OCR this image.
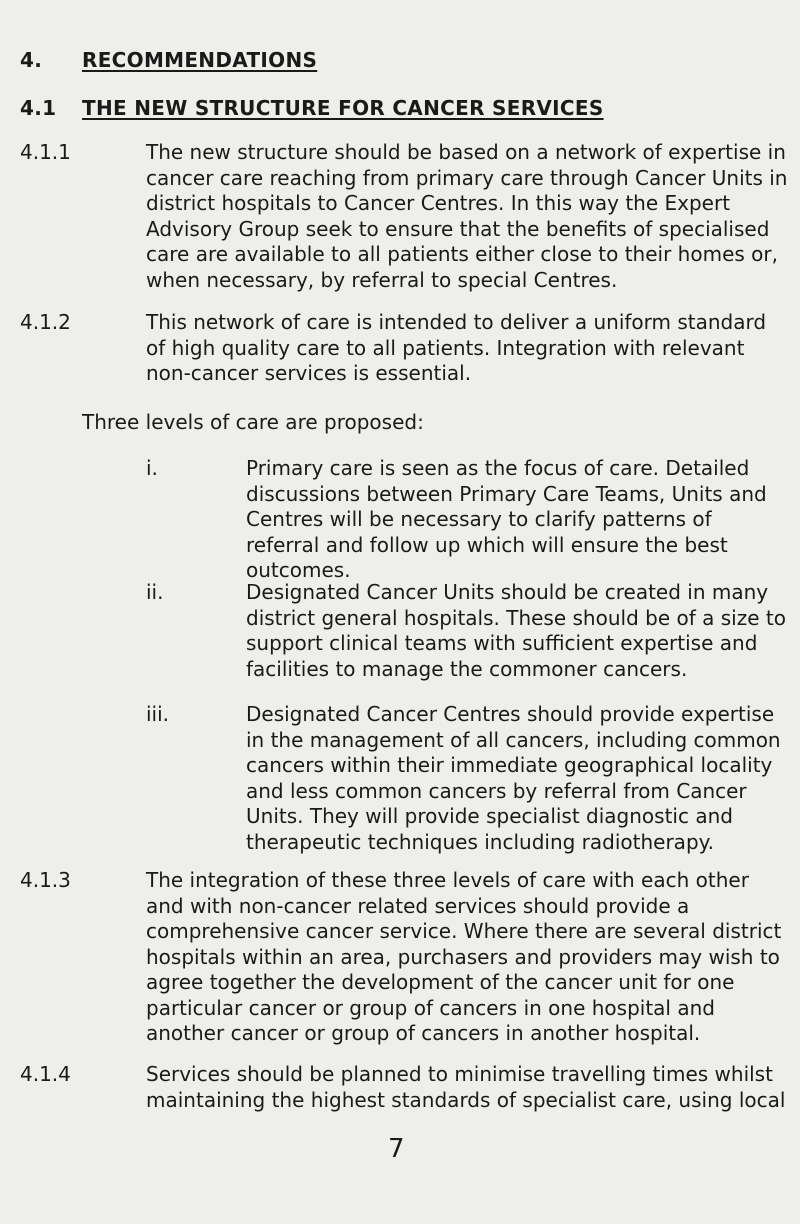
4. RECOMMENDATIONS
4.1 THE NEW STRUCTURE FOR CANCER SERVICES
4.1.1	The new structure should be based on a network of expertise in cancer care reaching from primary care through Cancer Units in district hospitals to Cancer Centres. In this way the Expert Advisory Group seek to ensure that the benefits of specialised care are available to all patients either close to their homes or, when necessary, by referral to special Centres.
4.1.2	This network of care is intended to deliver a uniform standard of high quality care to all patients. Integration with relevant non-cancer services is essential.
Three levels of care are proposed:
i.	Primary care is seen as the focus of care. Detailed discussions between Primary Care Teams, Units and Centres will be necessary to clarify patterns of referral and follow up which will ensure the best outcomes.
ii.	Designated Cancer Units should be created in many district general hospitals. These should be of a size to support clinical teams with sufficient expertise and facilities to manage the commoner cancers.
iii.	Designated Cancer Centres should provide expertise in the management of all cancers, including common cancers within their immediate geographical locality and less common cancers by referral from Cancer Units. They will provide specialist diagnostic and therapeutic techniques including radiotherapy.
4.1.3	The integration of these three levels of care with each other and with non-cancer related services should provide a comprehensive cancer service. Where there are several district hospitals within an area, purchasers and providers may wish to agree together the development of the cancer unit for one particular cancer or group of cancers in one hospital and another cancer or group of cancers in another hospital.
4.1.4	Services should be planned to minimise travelling times whilst maintaining the highest standards of specialist care, using local
7
